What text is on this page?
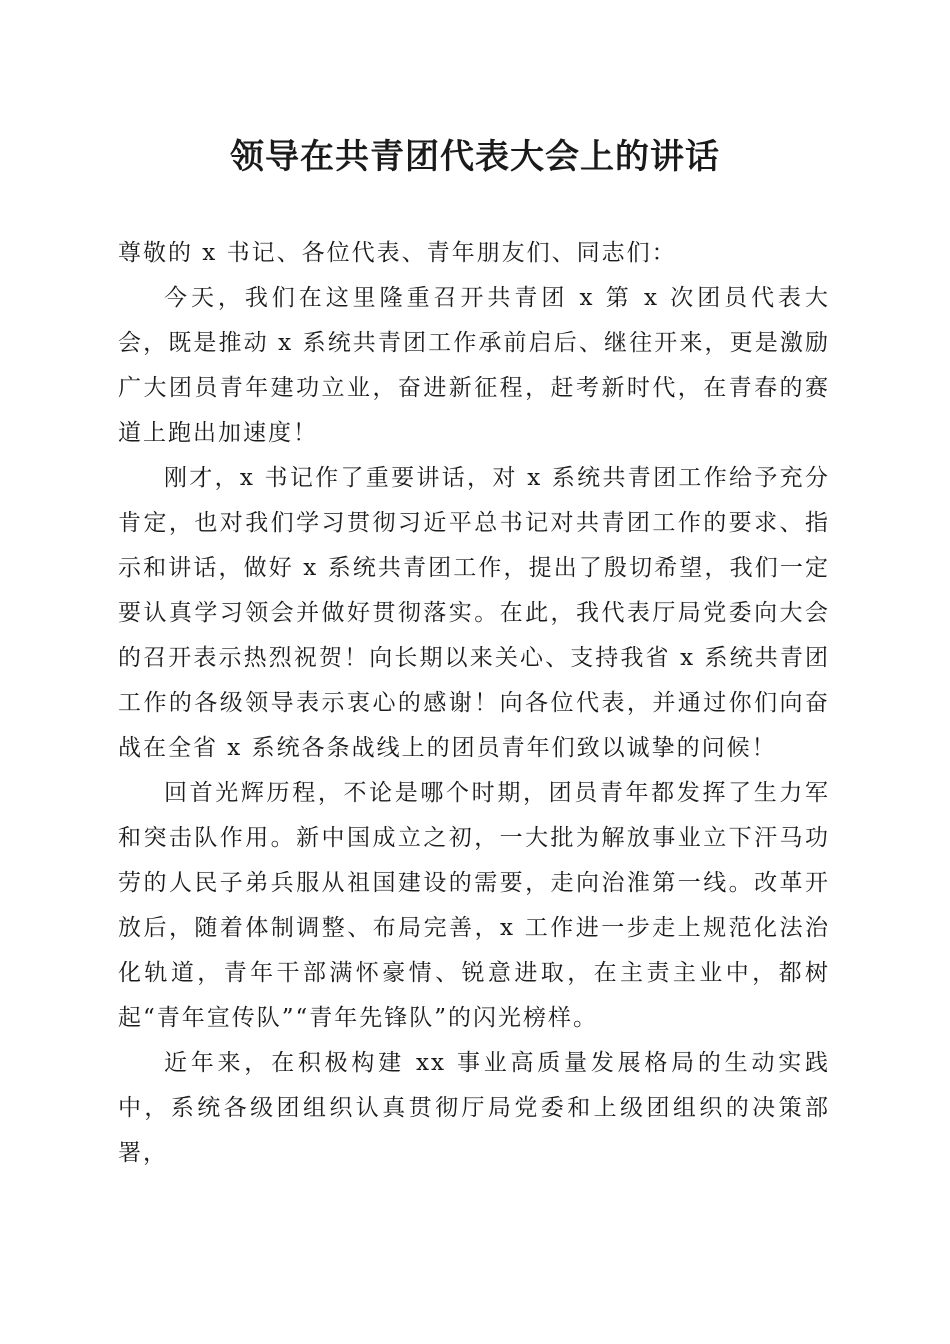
领导在共青团代表大会上的讲话

尊敬的 x 书记、各位代表、青年朋友们、同志们：

今天，我们在这里隆重召开共青团 x 第 x 次团员代表大会，既是推动 x 系统共青团工作承前启后、继往开来，更是激励广大团员青年建功立业，奋进新征程，赶考新时代，在青春的赛道上跑出加速度！

刚才，x 书记作了重要讲话，对 x 系统共青团工作给予充分肯定，也对我们学习贯彻习近平总书记对共青团工作的要求、指示和讲话，做好 x 系统共青团工作，提出了殷切希望，我们一定要认真学习领会并做好贯彻落实。在此，我代表厅局党委向大会的召开表示热烈祝贺！向长期以来关心、支持我省 x 系统共青团工作的各级领导表示衷心的感谢！向各位代表，并通过你们向奋战在全省 x 系统各条战线上的团员青年们致以诚挚的问候！

回首光辉历程，不论是哪个时期，团员青年都发挥了生力军和突击队作用。新中国成立之初，一大批为解放事业立下汗马功劳的人民子弟兵服从祖国建设的需要，走向治淮第一线。改革开放后，随着体制调整、布局完善，x 工作进一步走上规范化法治化轨道，青年干部满怀豪情、锐意进取，在主责主业中，都树起“青年宣传队”“青年先锋队”的闪光榜样。

近年来，在积极构建 xx 事业高质量发展格局的生动实践中，系统各级团组织认真贯彻厅局党委和上级团组织的决策部署，
